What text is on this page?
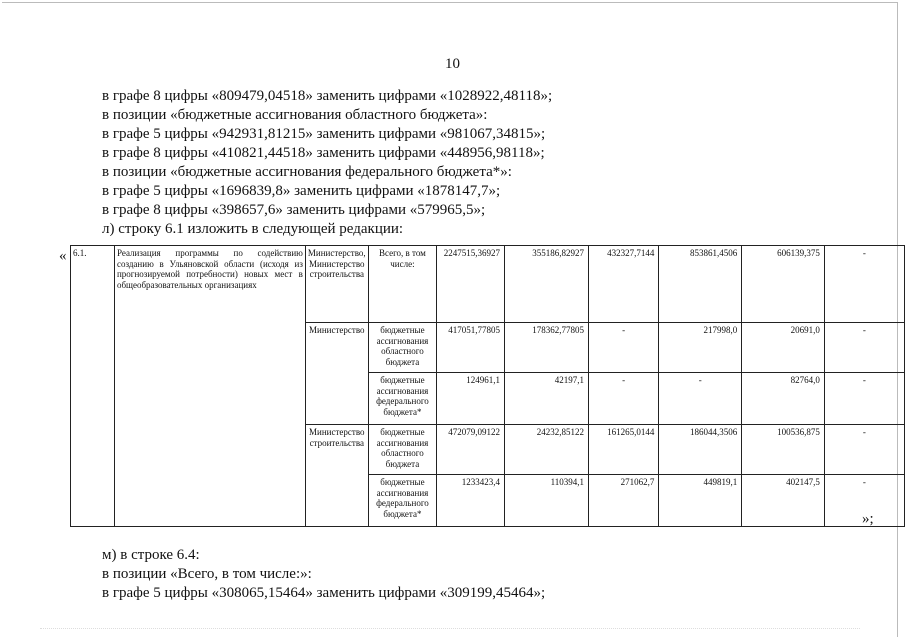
10
в графе 8 цифры «809479,04518» заменить цифрами «1028922,48118»;
в позиции «бюджетные ассигнования областного бюджета»:
в графе 5 цифры «942931,81215» заменить цифрами «981067,34815»;
в графе 8 цифры «410821,44518» заменить цифрами «448956,98118»;
в позиции «бюджетные ассигнования федерального бюджета*»:
в графе 5 цифры «1696839,8» заменить цифрами «1878147,7»;
в графе 8 цифры «398657,6» заменить цифрами «579965,5»;
л) строку 6.1 изложить в следующей редакции:
« 6.1.	Реализация программы по содействию созданию в Ульяновской области (исходя из прогнозируемой потребности) новых мест в общеобразовательных организациях	Министерство, Министерство строительства	Всего, в том числе:	2247515,36927	355186,82927	432327,7144	853861,4506	606139,375	-
		Министерство	бюджетные ассигнования областного бюджета	417051,77805	178362,77805	-	217998,0	20691,0	-
			бюджетные ассигнования федерального бюджета*	124961,1	42197,1	-	-	82764,0	-
		Министерство строительства	бюджетные ассигнования областного бюджета	472079,09122	24232,85122	161265,0144	186044,3506	100536,875	-
			бюджетные ассигнования федерального бюджета*	1233423,4	110394,1	271062,7	449819,1	402147,5	-
»;
м) в строке 6.4:
в позиции «Всего, в том числе:»:
в графе 5 цифры «308065,15464» заменить цифрами «309199,45464»;
